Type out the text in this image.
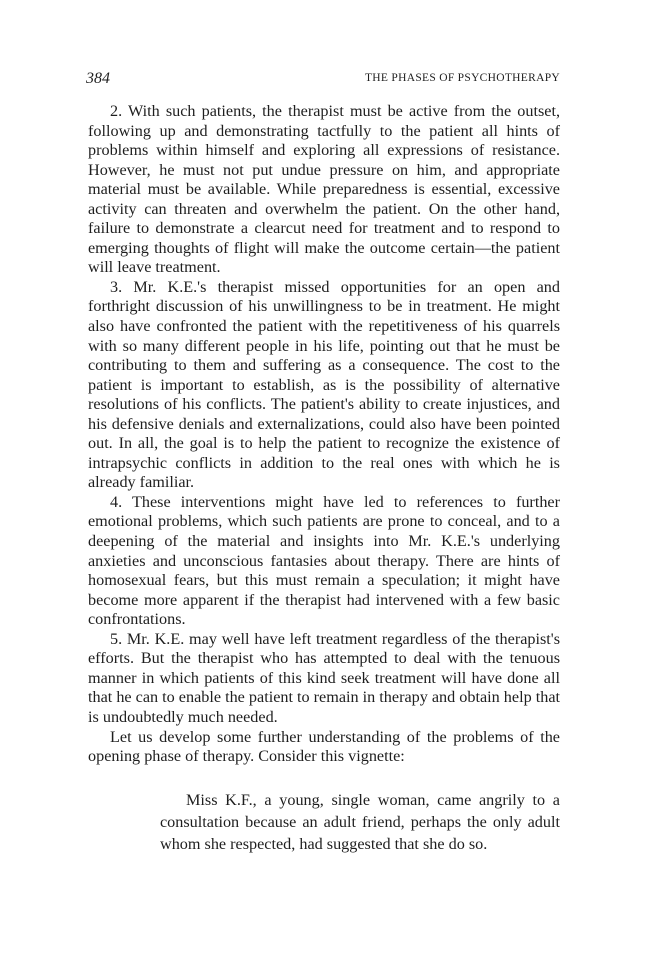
384	THE PHASES OF PSYCHOTHERAPY

2. With such patients, the therapist must be active from the outset, following up and demonstrating tactfully to the patient all hints of problems within himself and exploring all expressions of resistance. However, he must not put undue pressure on him, and appropriate material must be available. While preparedness is essential, excessive activity can threaten and overwhelm the patient. On the other hand, failure to demonstrate a clearcut need for treatment and to respond to emerging thoughts of flight will make the outcome certain—the patient will leave treatment.

3. Mr. K.E.'s therapist missed opportunities for an open and forthright discussion of his unwillingness to be in treatment. He might also have confronted the patient with the repetitiveness of his quarrels with so many different people in his life, pointing out that he must be contributing to them and suffering as a consequence. The cost to the patient is important to establish, as is the possibility of alternative resolutions of his conflicts. The patient's ability to create injustices, and his defensive denials and externalizations, could also have been pointed out. In all, the goal is to help the patient to recognize the existence of intrapsychic conflicts in addition to the real ones with which he is already familiar.

4. These interventions might have led to references to further emotional problems, which such patients are prone to conceal, and to a deepening of the material and insights into Mr. K.E.'s underlying anxieties and unconscious fantasies about therapy. There are hints of homosexual fears, but this must remain a speculation; it might have become more apparent if the therapist had intervened with a few basic confrontations.

5. Mr. K.E. may well have left treatment regardless of the therapist's efforts. But the therapist who has attempted to deal with the tenuous manner in which patients of this kind seek treatment will have done all that he can to enable the patient to remain in therapy and obtain help that is undoubtedly much needed.

Let us develop some further understanding of the problems of the opening phase of therapy. Consider this vignette:

Miss K.F., a young, single woman, came angrily to a consultation because an adult friend, perhaps the only adult whom she respected, had suggested that she do so.
